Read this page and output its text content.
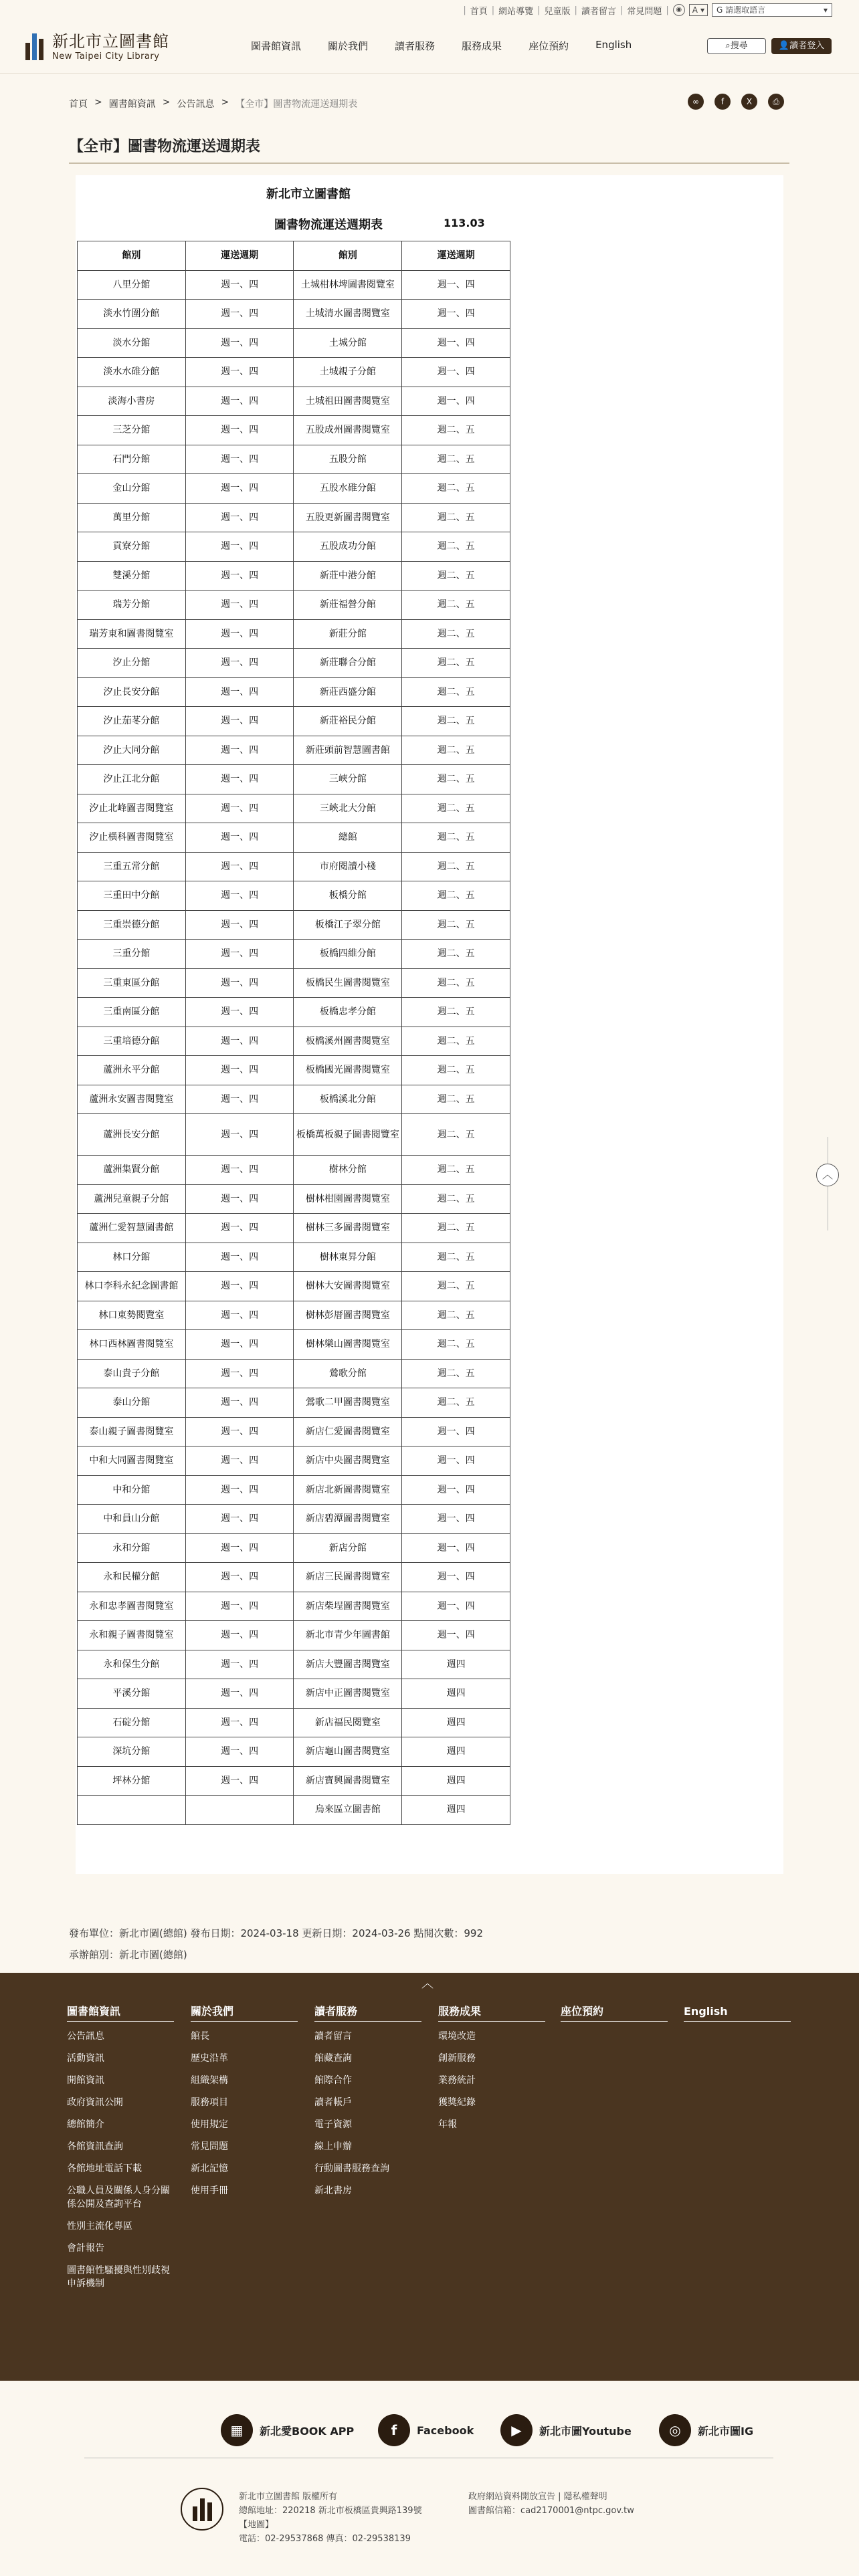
| 首頁 | 網站導覽 | 兒童版 | 讀者留言 | 常見問題 |	◉	A ▾ G 請選取語言	▾
新北市立圖書館
New Taipei City Library
圖書館資訊	關於我們	讀者服務	服務成果	座位預約	English	⌕搜尋	👤讀者登入
首頁 > 圖書館資訊 > 公告訊息 > 【全市】圖書物流運送週期表	∞	f	X	⎙
【全市】圖書物流運送週期表
新北市立圖書館
圖書物流運送週期表	113.03
館別	運送週期	館別	運送週期
八里分館	週一、四	土城柑林埤圖書閱覽室	週一、四
淡水竹圍分館	週一、四	土城清水圖書閱覽室	週一、四
淡水分館	週一、四	土城分館	週一、四
淡水水碓分館	週一、四	土城親子分館	週一、四
淡海小書房	週一、四	土城祖田圖書閱覽室	週一、四
三芝分館	週一、四	五股成州圖書閱覽室	週二、五
石門分館	週一、四	五股分館	週二、五
金山分館	週一、四	五股水碓分館	週二、五
萬里分館	週一、四	五股更新圖書閱覽室	週二、五
貢寮分館	週一、四	五股成功分館	週二、五
雙溪分館	週一、四	新莊中港分館	週二、五
瑞芳分館	週一、四	新莊福營分館	週二、五
瑞芳東和圖書閱覽室	週一、四	新莊分館	週二、五
汐止分館	週一、四	新莊聯合分館	週二、五
汐止長安分館	週一、四	新莊西盛分館	週二、五
汐止茄苳分館	週一、四	新莊裕民分館	週二、五
汐止大同分館	週一、四	新莊頭前智慧圖書館	週二、五
汐止江北分館	週一、四	三峽分館	週二、五
汐止北峰圖書閱覽室	週一、四	三峽北大分館	週二、五
汐止橫科圖書閱覽室	週一、四	總館	週二、五
三重五常分館	週一、四	市府閱讀小棧	週二、五
三重田中分館	週一、四	板橋分館	週二、五
三重崇德分館	週一、四	板橋江子翠分館	週二、五
三重分館	週一、四	板橋四維分館	週二、五
三重東區分館	週一、四	板橋民生圖書閱覽室	週二、五
三重南區分館	週一、四	板橋忠孝分館	週二、五
三重培德分館	週一、四	板橋溪州圖書閱覽室	週二、五
蘆洲永平分館	週一、四	板橋國光圖書閱覽室	週二、五
蘆洲永安圖書閱覽室	週一、四	板橋溪北分館	週二、五
蘆洲長安分館	週一、四	板橋萬板親子圖書閱覽室	週二、五
蘆洲集賢分館	週一、四	樹林分館	週二、五
蘆洲兒童親子分館	週一、四	樹林柑園圖書閱覽室	週二、五
蘆洲仁愛智慧圖書館	週一、四	樹林三多圖書閱覽室	週二、五
林口分館	週一、四	樹林東昇分館	週二、五
林口李科永紀念圖書館	週一、四	樹林大安圖書閱覽室	週二、五
林口東勢閱覽室	週一、四	樹林彭厝圖書閱覽室	週二、五
林口西林圖書閱覽室	週一、四	樹林樂山圖書閱覽室	週二、五
泰山貴子分館	週一、四	鶯歌分館	週二、五
泰山分館	週一、四	鶯歌二甲圖書閱覽室	週二、五
泰山親子圖書閱覽室	週一、四	新店仁愛圖書閱覽室	週一、四
中和大同圖書閱覽室	週一、四	新店中央圖書閱覽室	週一、四
中和分館	週一、四	新店北新圖書閱覽室	週一、四
中和員山分館	週一、四	新店碧潭圖書閱覽室	週一、四
永和分館	週一、四	新店分館	週一、四
永和民權分館	週一、四	新店三民圖書閱覽室	週一、四
永和忠孝圖書閱覽室	週一、四	新店柴埕圖書閱覽室	週一、四
永和親子圖書閱覽室	週一、四	新北市青少年圖書館	週一、四
永和保生分館	週一、四	新店大豐圖書閱覽室	週四
平溪分館	週一、四	新店中正圖書閱覽室	週四
石碇分館	週一、四	新店福民閱覽室	週四
深坑分館	週一、四	新店龜山圖書閱覽室	週四
坪林分館	週一、四	新店寶興圖書閱覽室	週四
		烏來區立圖書館	週四
︿
發布單位：新北市圖(總館) 發布日期：2024-03-18 更新日期：2024-03-26 點閱次數：992
承辦館別：新北市圖(總館)
︿
圖書館資訊
公告訊息
活動資訊
開館資訊
政府資訊公開
總館簡介
各館資訊查詢
各館地址電話下載
公職人員及關係人身分關係公開及查詢平台
性別主流化專區
會計報告
圖書館性騷擾與性別歧視申訴機制
關於我們
館長
歷史沿革
組織架構
服務項目
使用規定
常見問題
新北記憶
使用手冊
讀者服務
讀者留言
館藏查詢
館際合作
讀者帳戶
電子資源
線上申辦
行動圖書服務查詢
新北書房
服務成果
環境改造
創新服務
業務統計
獲獎紀錄
年報
座位預約	English
▦	新北愛BOOK APP	f	Facebook	▶	新北市圖Youtube	◎	新北市圖IG
新北市立圖書館 版權所有
總館地址：220218 新北市板橋區貴興路139號
【地圖】
電話：02-29537868 傳真：02-29538139
政府網站資料開放宣告 | 隱私權聲明
圖書館信箱：cad2170001@ntpc.gov.tw
